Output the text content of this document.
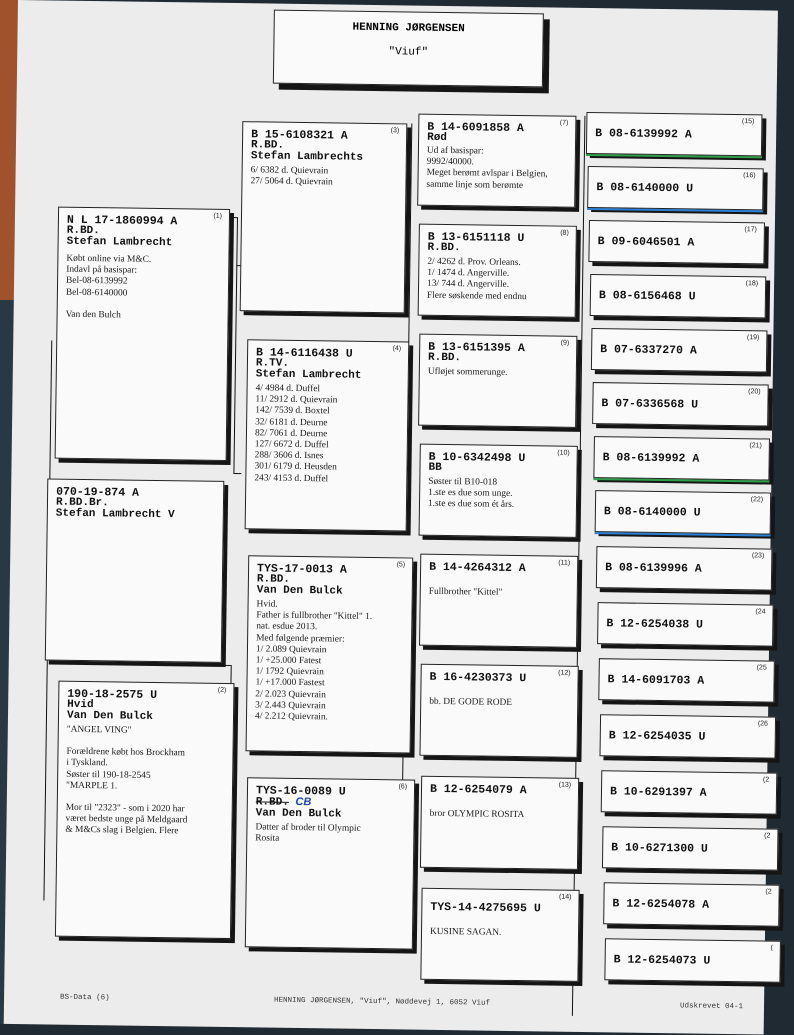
HENNING JØRGENSEN
"Viuf"
(1)
N L 17-1860994 A
R.BD.
Stefan Lambrecht
Købt online via M&C.
Indavl på basispar:
Bel-08-6139992
Bel-08-6140000
Van den Bulch
070-19-874 A
R.BD.Br.
Stefan Lambrecht V
(2)
190-18-2575 U
Hvid
Van Den Bulck
"ANGEL VING"
Forældrene købt hos Brockham
i Tyskland.
Søster til 190-18-2545
"MARPLE 1.
Mor til "2323" - som i 2020 har
været bedste unge på Meldgaard
& M&Cs slag i Belgien. Flere
(3)
B 15-6108321 A
R.BD.
Stefan Lambrechts
6/ 6382 d. Quievrain
27/ 5064 d. Quievrain
(4)
B 14-6116438 U
R.TV.
Stefan Lambrecht
4/ 4984 d. Duffel
11/ 2912 d. Quievrain
142/ 7539 d. Boxtel
32/ 6181 d. Deurne
82/ 7061 d. Deurne
127/ 6672 d. Duffel
288/ 3606 d. Isnes
301/ 6179 d. Heusden
243/ 4153 d. Duffel
(5)
TYS-17-0013 A
R.BD.
Van Den Bulck
Hvid.
Father is fullbrother "Kittel" 1.
nat. esdue 2013.
Med følgende præmier:
1/ 2.089 Quievrain
1/ +25.000 Fatest
1/ 1792 Quievrain
1/ +17.000 Fastest
2/ 2.023 Quievrain
3/ 2.443 Quievrain
4/ 2.212 Quievrain.
(6)
TYS-16-0089 U
R.BD. CB
Van Den Bulck
Datter af broder til Olympic
Rosita
(7)
B 14-6091858 A
Rød
Ud af basispar:
9992/40000.
Meget berømt avlspar i Belgien,
samme linje som berømte
(8)
B 13-6151118 U
R.BD.
2/ 4262 d. Prov. Orleans.
1/ 1474 d. Angerville.
13/ 744 d. Angerville.
Flere søskende med endnu
(9)
B 13-6151395 A
R.BD.
Ufløjet sommerunge.
(10)
B 10-6342498 U
BB
Søster til B10-018
1.ste es due som unge.
1.ste es due som ét års.
(11)
B 14-4264312 A
Fullbrother "Kittel"
(12)
B 16-4230373 U
bb. DE GODE RODE
(13)
B 12-6254079 A
bror OLYMPIC ROSITA
(14)
TYS-14-4275695 U
KUSINE SAGAN.
(15)
B 08-6139992 A
(16)
B 08-6140000 U
(17)
B 09-6046501 A
(18)
B 08-6156468 U
(19)
B 07-6337270 A
(20)
B 07-6336568 U
(21)
B 08-6139992 A
(22)
B 08-6140000 U
(23)
B 08-6139996 A
(24
B 12-6254038 U
(25
B 14-6091703 A
(26
B 12-6254035 U
(2
B 10-6291397 A
(2
B 10-6271300 U
(2
B 12-6254078 A
(
B 12-6254073 U
BS-Data (6)	HENNING JØRGENSEN, "Viuf", Nøddevej 1, 6052 Viuf	Udskrevet 04-1
